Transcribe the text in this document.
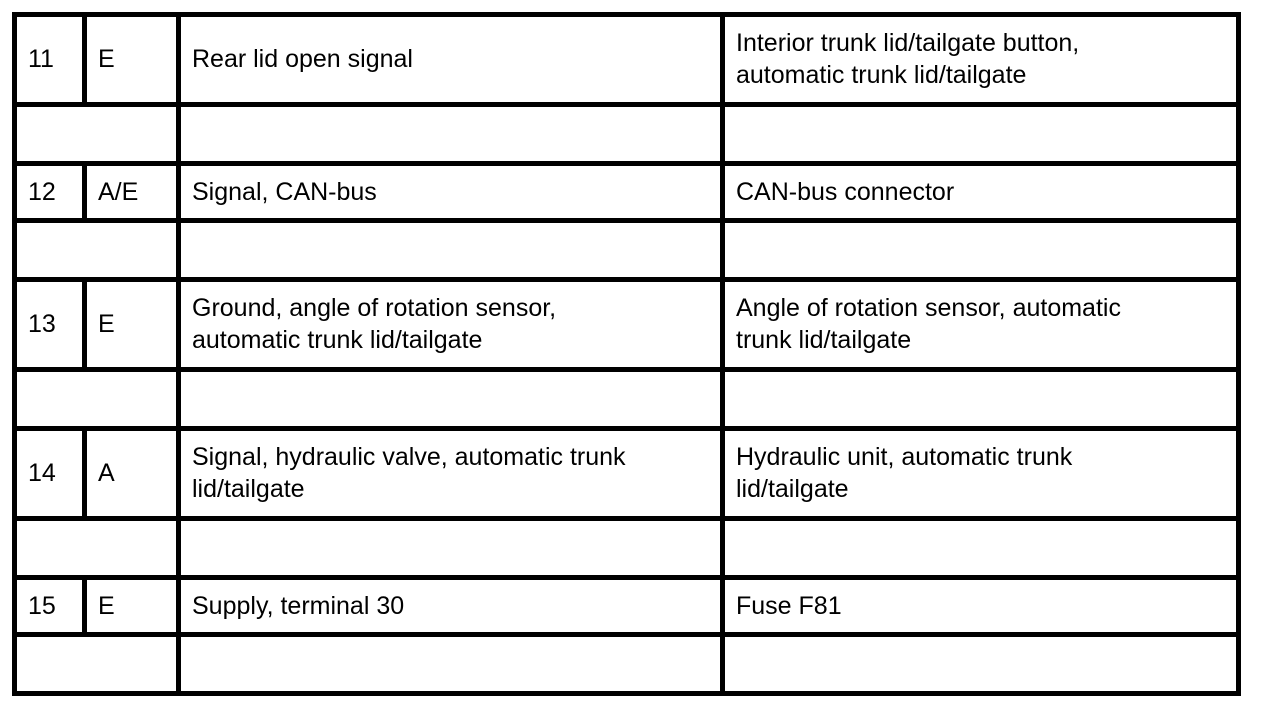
11	E	Rear lid open signal	Interior trunk lid/tailgate button,
automatic trunk lid/tailgate

12	A/E	Signal, CAN-bus	CAN-bus connector

13	E	Ground, angle of rotation sensor,
automatic trunk lid/tailgate	Angle of rotation sensor, automatic
trunk lid/tailgate

14	A	Signal, hydraulic valve, automatic trunk
lid/tailgate	Hydraulic unit, automatic trunk
lid/tailgate

15	E	Supply, terminal 30	Fuse F81
